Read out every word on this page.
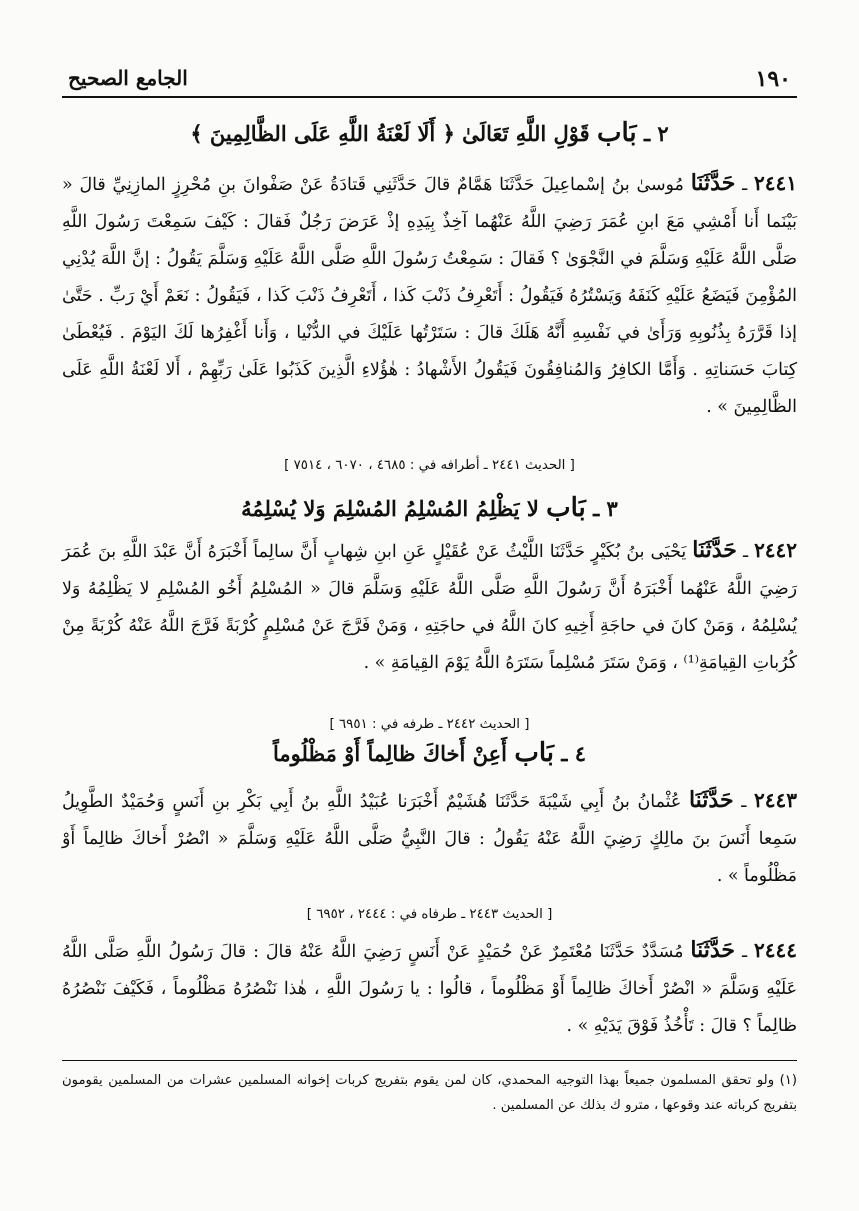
١٩٠
الجامع الصحيح
٢ ـ بَاب قَوْلِ اللَّهِ تَعَالَىٰ ﴿ أَلَا لَعْنَةُ اللَّهِ عَلَى الظَّالِمِينَ ﴾

٢٤٤١ ـ حَدَّثَنَا مُوسىٰ بنُ إسْماعِيلَ حَدَّثَنَا هَمَّامٌ قالَ حَدَّثَنِي قَتادَةُ عَنْ صَفْوانَ بنِ مُحْرِزٍ المازِنِيِّ قالَ « بَيْنَما أَنا أَمْشِي مَعَ ابنِ عُمَرَ رَضِيَ اللَّهُ عَنْهُما آخِذٌ بِيَدِهِ إذْ عَرَضَ رَجُلٌ فَقالَ : كَيْفَ سَمِعْتَ رَسُولَ اللَّهِ صَلَّى اللَّهُ عَلَيْهِ وَسَلَّمَ في النَّجْوَىٰ ؟ فَقالَ : سَمِعْتُ رَسُولَ اللَّهِ صَلَّى اللَّهُ عَلَيْهِ وَسَلَّمَ يَقُولُ : إنَّ اللَّهَ يُدْنِي المُؤْمِنَ فَيَضَعُ عَلَيْهِ كَنَفَهُ وَيَسْتُرُهُ فَيَقُولُ : أَتَعْرِفُ ذَنْبَ كَذا ، أَتَعْرِفُ ذَنْبَ كَذا ، فَيَقُولُ : نَعَمْ أَيْ رَبِّ . حَتَّىٰ إذا قَرَّرَهُ بِذُنُوبِهِ وَرَأَىٰ في نَفْسِهِ أَنَّهُ هَلَكَ قالَ : سَتَرْتُها عَلَيْكَ في الدُّنْيا ، وَأَنا أَغْفِرُها لَكَ اليَوْمَ . فَيُعْطَىٰ كِتابَ حَسَناتِهِ . وَأَمَّا الكافِرُ وَالمُنافِقُونَ فَيَقُولُ الأَشْهادُ : هٰؤُلاءِ الَّذِينَ كَذَبُوا عَلَىٰ رَبِّهِمْ ، أَلا لَعْنَةُ اللَّهِ عَلَى الظَّالِمِينَ » .

[ الحديث ٢٤٤١ ـ أطرافه في : ٤٦٨٥ ، ٦٠٧٠ ، ٧٥١٤ ]
٣ ـ بَاب لا يَظْلِمُ المُسْلِمُ المُسْلِمَ وَلا يُسْلِمُهُ

٢٤٤٢ ـ حَدَّثَنَا يَحْيَى بنُ بُكَيْرٍ حَدَّثَنَا اللَّيْثُ عَنْ عُقَيْلٍ عَنِ ابنِ شِهابٍ أَنَّ سالِماً أَخْبَرَهُ أَنَّ عَبْدَ اللَّهِ بنَ عُمَرَ رَضِيَ اللَّهُ عَنْهُما أَخْبَرَهُ أَنَّ رَسُولَ اللَّهِ صَلَّى اللَّهُ عَلَيْهِ وَسَلَّمَ قالَ « المُسْلِمُ أَخُو المُسْلِمِ لا يَظْلِمُهُ وَلا يُسْلِمُهُ ، وَمَنْ كانَ في حاجَةِ أَخِيهِ كانَ اللَّهُ في حاجَتِهِ ، وَمَنْ فَرَّجَ عَنْ مُسْلِمٍ كُرْبَةً فَرَّجَ اللَّهُ عَنْهُ كُرْبَةً مِنْ كُرُباتِ القِيامَةِ⁽¹⁾ ، وَمَنْ سَتَرَ مُسْلِماً سَتَرَهُ اللَّهُ يَوْمَ القِيامَةِ » .

[ الحديث ٢٤٤٢ ـ طرفه في : ٦٩٥١ ]
٤ ـ بَاب أَعِنْ أَخاكَ ظالِماً أَوْ مَظْلُوماً

٢٤٤٣ ـ حَدَّثَنَا عُثْمانُ بنُ أَبِي شَيْبَةَ حَدَّثَنَا هُشَيْمٌ أَخْبَرَنا عُبَيْدُ اللَّهِ بنُ أَبِي بَكْرِ بنِ أَنَسٍ وَحُمَيْدٌ الطَّوِيلُ سَمِعا أَنَسَ بنَ مالِكٍ رَضِيَ اللَّهُ عَنْهُ يَقُولُ : قالَ النَّبِيُّ صَلَّى اللَّهُ عَلَيْهِ وَسَلَّمَ « انْصُرْ أَخاكَ ظالِماً أَوْ مَظْلُوماً » .

[ الحديث ٢٤٤٣ ـ طرفاه في : ٢٤٤٤ ، ٦٩٥٢ ]

٢٤٤٤ ـ حَدَّثَنَا مُسَدَّدٌ حَدَّثَنَا مُعْتَمِرٌ عَنْ حُمَيْدٍ عَنْ أَنَسٍ رَضِيَ اللَّهُ عَنْهُ قالَ : قالَ رَسُولُ اللَّهِ صَلَّى اللَّهُ عَلَيْهِ وَسَلَّمَ « انْصُرْ أَخاكَ ظالِماً أَوْ مَظْلُوماً ، قالُوا : يا رَسُولَ اللَّهِ ، هٰذا نَنْصُرُهُ مَظْلُوماً ، فَكَيْفَ نَنْصُرُهُ ظالِماً ؟ قالَ : تَأْخُذُ فَوْقَ يَدَيْهِ » .

(١) ولو تحقق المسلمون جميعاً بهذا التوجيه المحمدي، كان لمن يقوم بتفريج كربات إخوانه المسلمين عشرات من المسلمين يقومون بتفريج كرباته عند وقوعها ، مترو ك بذلك عن المسلمين .
